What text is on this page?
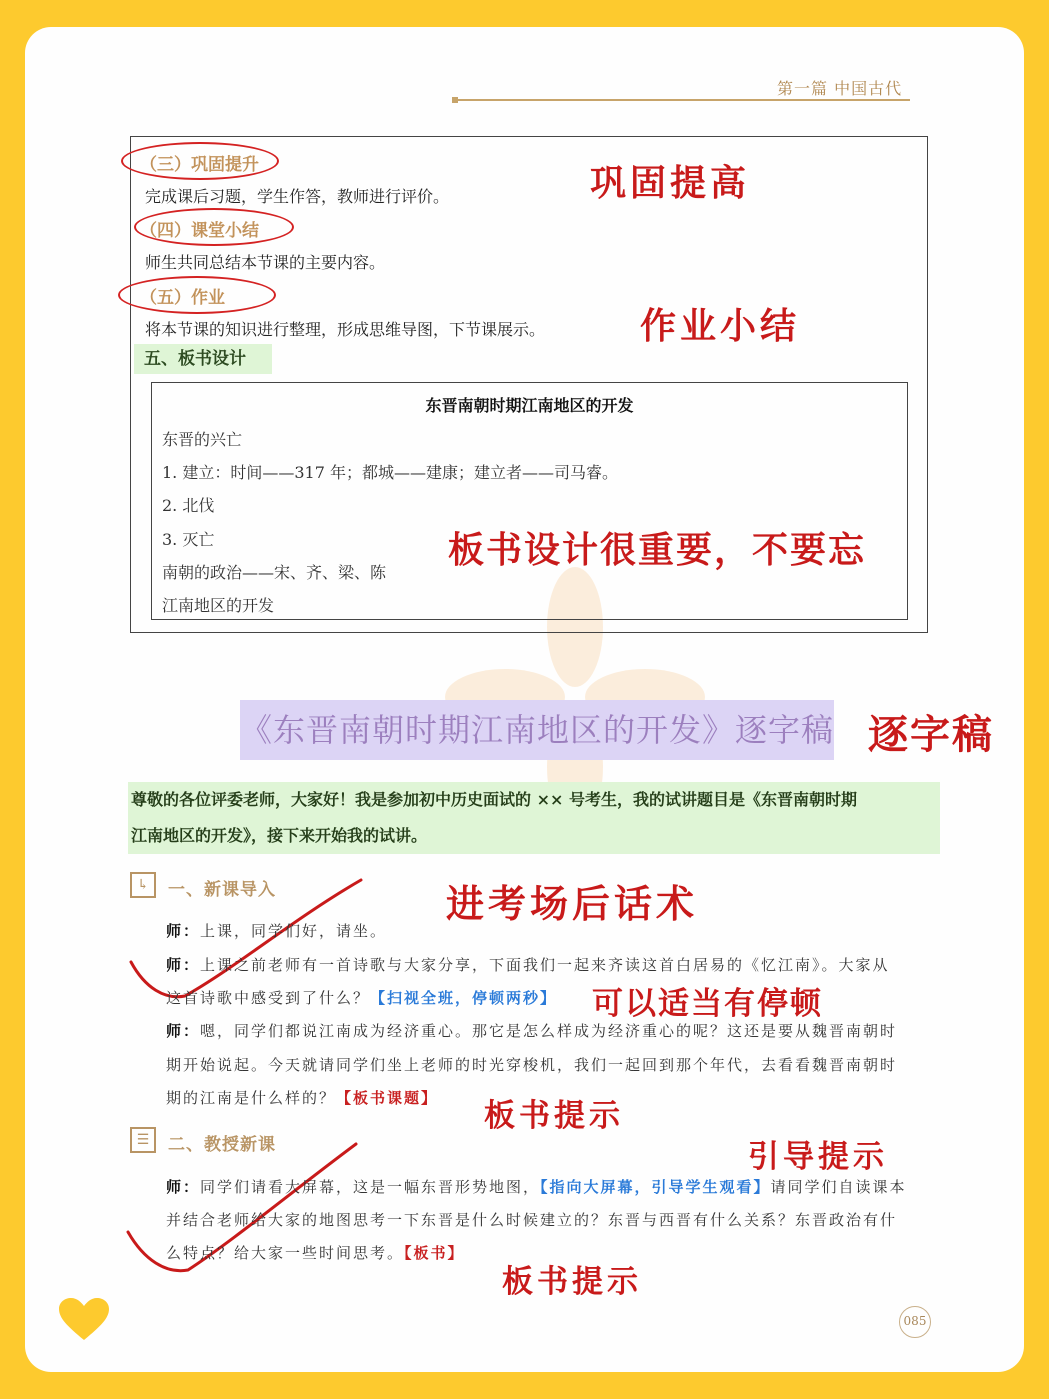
第一篇 中国古代
（三）巩固提升
完成课后习题，学生作答，教师进行评价。
（四）课堂小结
师生共同总结本节课的主要内容。
（五）作业
将本节课的知识进行整理，形成思维导图，下节课展示。
五、板书设计
东晋南朝时期江南地区的开发
东晋的兴亡
1. 建立：时间——317 年；都城——建康；建立者——司马睿。
2. 北伐
3. 灭亡
南朝的政治——宋、齐、梁、陈
江南地区的开发
巩固提高
作业小结
板书设计很重要，不要忘
逐字稿
进考场后话术
可以适当有停顿
板书提示
引导提示
板书提示
《东晋南朝时期江南地区的开发》逐字稿
尊敬的各位评委老师，大家好！我是参加初中历史面试的 ×× 号考生，我的试讲题目是《东晋南朝时期
江南地区的开发》，接下来开始我的试讲。
↳	一、新课导入
师：上课，同学们好，请坐。
师：上课之前老师有一首诗歌与大家分享，下面我们一起来齐读这首白居易的《忆江南》。大家从
这首诗歌中感受到了什么？【扫视全班，停顿两秒】
师：嗯，同学们都说江南成为经济重心。那它是怎么样成为经济重心的呢？这还是要从魏晋南朝时
期开始说起。今天就请同学们坐上老师的时光穿梭机，我们一起回到那个年代，去看看魏晋南朝时
期的江南是什么样的？【板书课题】
☰	二、教授新课
师：同学们请看大屏幕，这是一幅东晋形势地图，【指向大屏幕，引导学生观看】请同学们自读课本
并结合老师给大家的地图思考一下东晋是什么时候建立的？东晋与西晋有什么关系？东晋政治有什
么特点？给大家一些时间思考。【板书】
085
